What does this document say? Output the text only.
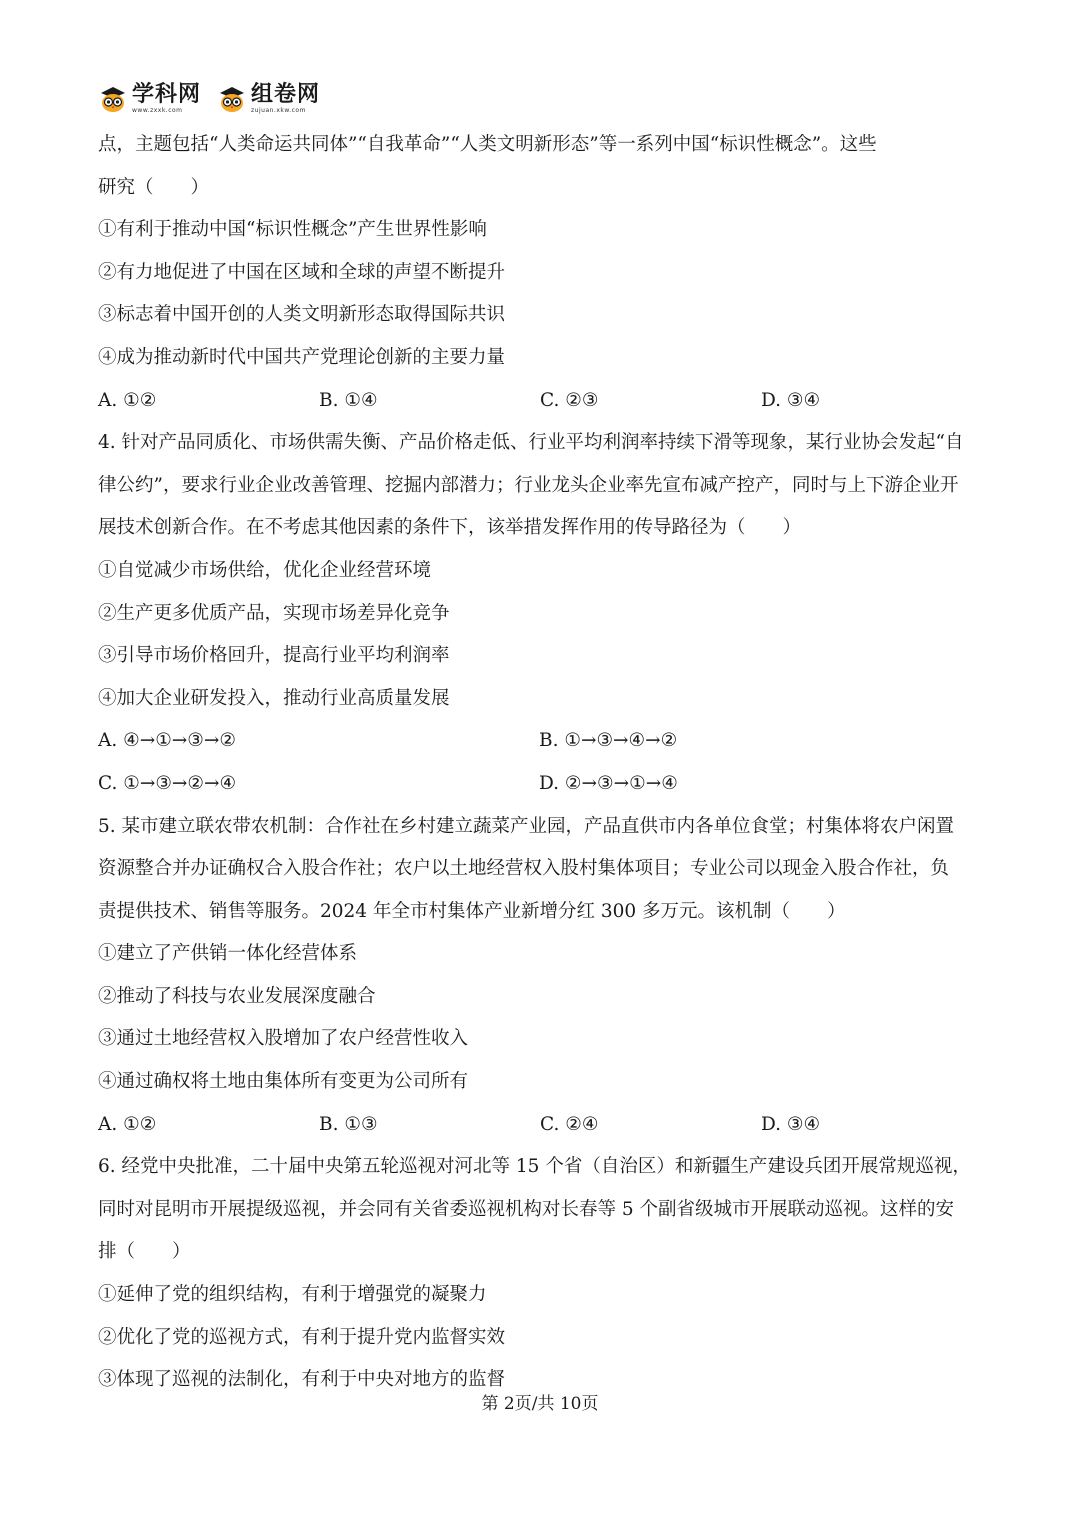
学科网
www.zxxk.com
组卷网
zujuan.xkw.com
点，主题包括“人类命运共同体”“自我革命”“人类文明新形态”等一系列中国“标识性概念”。这些
研究（　　）
①有利于推动中国“标识性概念”产生世界性影响
②有力地促进了中国在区域和全球的声望不断提升
③标志着中国开创的人类文明新形态取得国际共识
④成为推动新时代中国共产党理论创新的主要力量
A. ①②	B. ①④	C. ②③	D. ③④
4. 针对产品同质化、市场供需失衡、产品价格走低、行业平均利润率持续下滑等现象，某行业协会发起“自
律公约”，要求行业企业改善管理、挖掘内部潜力；行业龙头企业率先宣布减产控产，同时与上下游企业开
展技术创新合作。在不考虑其他因素的条件下，该举措发挥作用的传导路径为（　　）
①自觉减少市场供给，优化企业经营环境
②生产更多优质产品，实现市场差异化竞争
③引导市场价格回升，提高行业平均利润率
④加大企业研发投入，推动行业高质量发展
A. ④→①→③→②	B. ①→③→④→②
C. ①→③→②→④	D. ②→③→①→④
5. 某市建立联农带农机制：合作社在乡村建立蔬菜产业园，产品直供市内各单位食堂；村集体将农户闲置
资源整合并办证确权合入股合作社；农户以土地经营权入股村集体项目；专业公司以现金入股合作社，负
责提供技术、销售等服务。2024 年全市村集体产业新增分红 300 多万元。该机制（　　）
①建立了产供销一体化经营体系
②推动了科技与农业发展深度融合
③通过土地经营权入股增加了农户经营性收入
④通过确权将土地由集体所有变更为公司所有
A. ①②	B. ①③	C. ②④	D. ③④
6. 经党中央批准，二十届中央第五轮巡视对河北等 15 个省（自治区）和新疆生产建设兵团开展常规巡视，
同时对昆明市开展提级巡视，并会同有关省委巡视机构对长春等 5 个副省级城市开展联动巡视。这样的安
排（　　）
①延伸了党的组织结构，有利于增强党的凝聚力
②优化了党的巡视方式，有利于提升党内监督实效
③体现了巡视的法制化，有利于中央对地方的监督
第 2页/共 10页
